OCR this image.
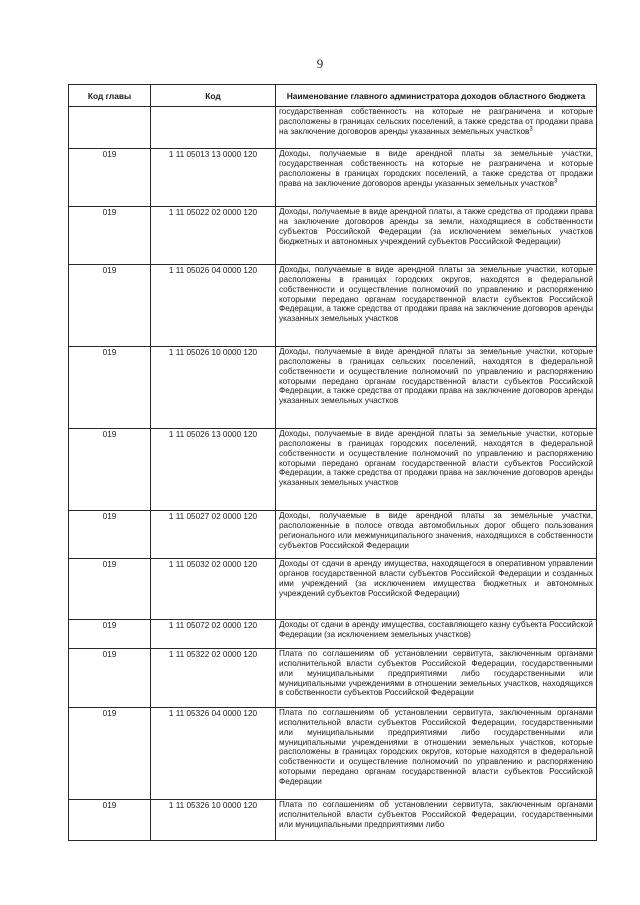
9
Код главы	Код	Наименование главного администратора доходов областного бюджета

		государственная собственность на которые не разграничена и которые расположены в границах сельских поселений, а также средства от продажи права на заключение договоров аренды указанных земельных участков$^3$

019	1 11 05013 13 0000 120	Доходы, получаемые в виде арендной платы за земельные участки, государственная собственность на которые не разграничена и которые расположены в границах городских поселений, а также средства от продажи права на заключение договоров аренды указанных земельных участков$^3$

019	1 11 05022 02 0000 120	Доходы, получаемые в виде арендной платы, а также средства от продажи права на заключение договоров аренды за земли, находящиеся в собственности субъектов Российской Федерации (за исключением земельных участков бюджетных и автономных учреждений субъектов Российской Федерации)

019	1 11 05026 04 0000 120	Доходы, получаемые в виде арендной платы за земельные участки, которые расположены в границах городских округов, находятся в федеральной собственности и осуществление полномочий по управлению и распоряжению которыми передано органам государственной власти субъектов Российской Федерации, а также средства от продажи права на заключение договоров аренды указанных земельных участков

019	1 11 05026 10 0000 120	Доходы, получаемые в виде арендной платы за земельные участки, которые расположены в границах сельских поселений, находятся в федеральной собственности и осуществление полномочий по управлению и распоряжению которыми передано органам государственной власти субъектов Российской Федерации, а также средства от продажи права на заключение договоров аренды указанных земельных участков

019	1 11 05026 13 0000 120	Доходы, получаемые в виде арендной платы за земельные участки, которые расположены в границах городских поселений, находятся в федеральной собственности и осуществление полномочий по управлению и распоряжению которыми передано органам государственной власти субъектов Российской Федерации, а также средства от продажи права на заключение договоров аренды указанных земельных участков

019	1 11 05027 02 0000 120	Доходы, получаемые в виде арендной платы за земельные участки, расположенные в полосе отвода автомобильных дорог общего пользования регионального или межмуниципального значения, находящихся в собственности субъектов Российской Федерации

019	1 11 05032 02 0000 120	Доходы от сдачи в аренду имущества, находящегося в оперативном управлении органов государственной власти субъектов Российской Федерации и созданных ими учреждений (за исключением имущества бюджетных и автономных учреждений субъектов Российской Федерации)

019	1 11 05072 02 0000 120	Доходы от сдачи в аренду имущества, составляющего казну субъекта Российской Федерации (за исключением земельных участков)

019	1 11 05322 02 0000 120	Плата по соглашениям об установлении сервитута, заключенным органами исполнительной власти субъектов Российской Федерации, государственными или муниципальными предприятиями либо государственными или муниципальными учреждениями в отношении земельных участков, находящихся в собственности субъектов Российской Федерации

019	1 11 05326 04 0000 120	Плата по соглашениям об установлении сервитута, заключенным органами исполнительной власти субъектов Российской Федерации, государственными или муниципальными предприятиями либо государственными или муниципальными учреждениями в отношении земельных участков, которые расположены в границах городских округов, которые находятся в федеральной собственности и осуществление полномочий по управлению и распоряжению которыми передано органам государственной власти субъектов Российской Федерации

019	1 11 05326 10 0000 120	Плата по соглашениям об установлении сервитута, заключенным органами исполнительной власти субъектов Российской Федерации, государственными или муниципальными предприятиями либо
